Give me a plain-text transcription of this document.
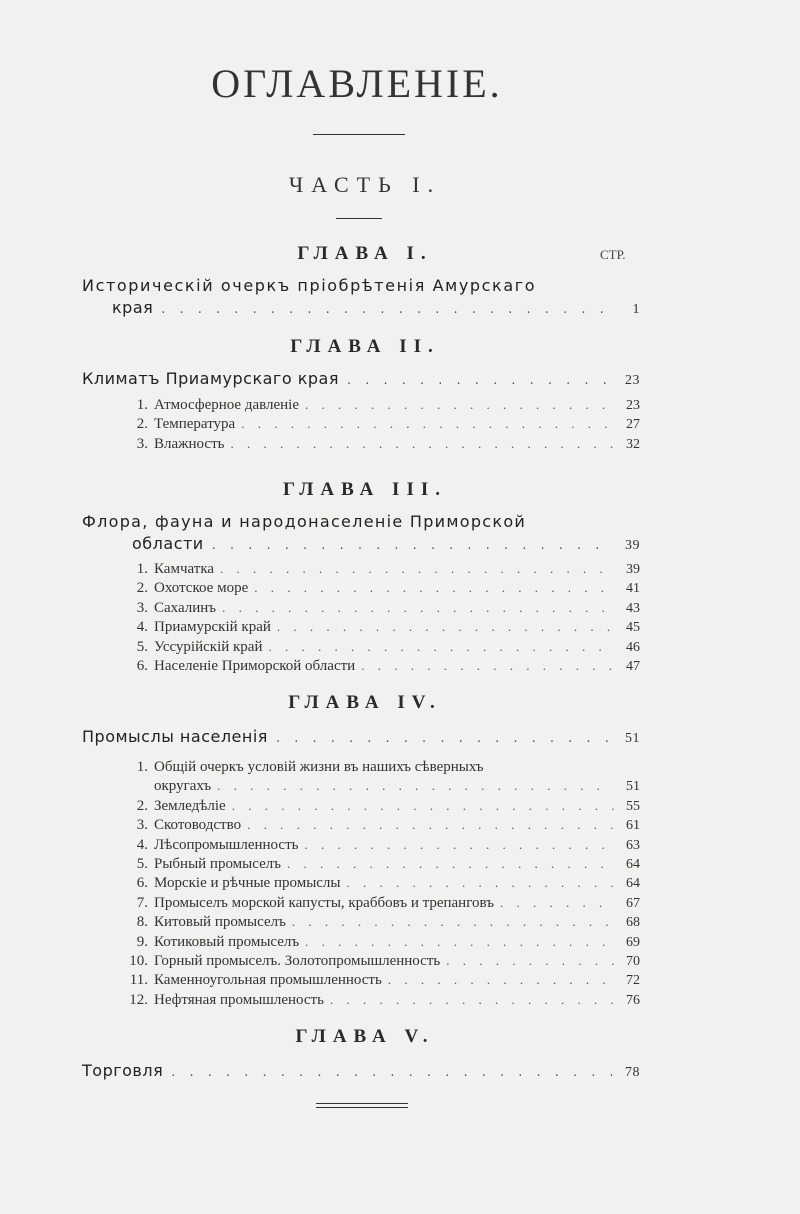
ОГЛАВЛЕНІЕ.
ЧАСТЬ I.
ГЛАВА I.	СТР.
Историческій очеркъ пріобрѣтенія Амурскаго
края . . .	1
ГЛАВА II.
Климатъ Приамурскаго края . . .	23
1. Атмосферное давленіе . . .	23
2. Температура . . .	27
3. Влажность . . .	32
ГЛАВА III.
Флора, фауна и народонаселеніе Приморской
области . . .	39
1. Камчатка . . .	39
2. Охотское море . . .	41
3. Сахалинъ . . .	43
4. Приамурскій край . . .	45
5. Уссурійскій край . . .	46
6. Населеніе Приморской области . . .	47
ГЛАВА IV.
Промыслы населенія . . .	51
1. Общій очеркъ условій жизни въ нашихъ сѣверныхъ
округахъ . . .	51
2. Земледѣліе . . .	55
3. Скотоводство . . .	61
4. Лѣсопромышленность . . .	63
5. Рыбный промыселъ . . .	64
6. Морскіе и рѣчные промыслы . . .	64
7. Промыселъ морской капусты, краббовъ и трепанговъ . . .	67
8. Китовый промыселъ . . .	68
9. Котиковый промыселъ . . .	69
10. Горный промыселъ. Золотопромышленность . . .	70
11. Каменноугольная промышленность . . .	72
12. Нефтяная промышленость . . .	76
ГЛАВА V.
Торговля . . .	78
